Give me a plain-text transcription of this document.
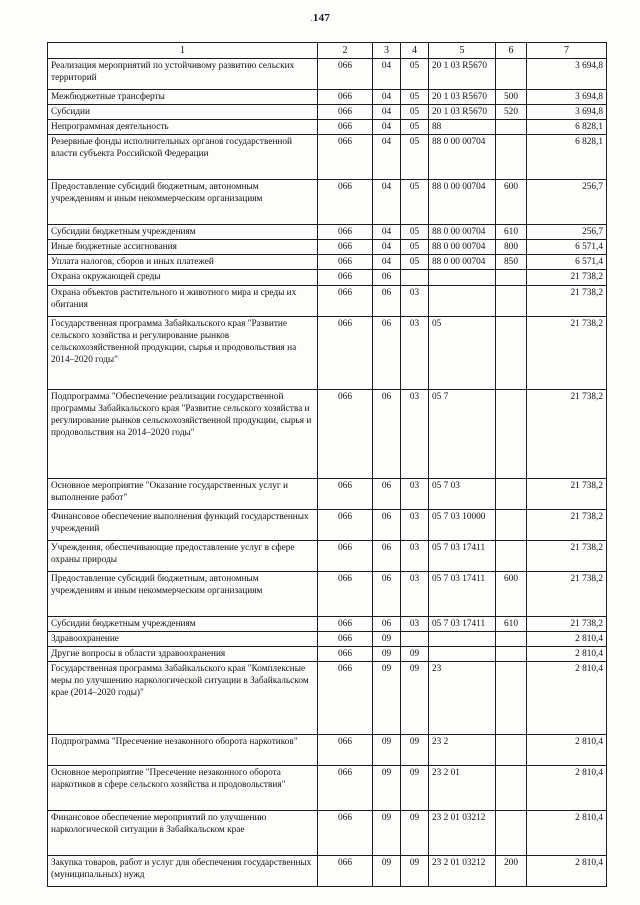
.147
1	2	3	4	5	6	7
Реализация мероприятий по устойчивому развитию сельских территорий	066	04	05	20 1 03 R5670		3 694,8
Межбюджетные трансферты	066	04	05	20 1 03 R5670	500	3 694,8
Субсидии	066	04	05	20 1 03 R5670	520	3 694,8
Непрограммная деятельность	066	04	05	88		6 828,1
Резервные фонды исполнительных органов государственной власти субъекта Российской Федерации	066	04	05	88 0 00 00704		6 828,1
Предоставление субсидий бюджетным, автономным учреждениям и иным некоммерческим организациям	066	04	05	88 0 00 00704	600	256,7
Субсидии бюджетным учреждениям	066	04	05	88 0 00 00704	610	256,7
Иные бюджетные ассигнования	066	04	05	88 0 00 00704	800	6 571,4
Уплата налогов, сборов и иных платежей	066	04	05	88 0 00 00704	850	6 571,4
Охрана окружающей среды	066	06				21 738,2
Охрана объектов растительного и животного мира и среды их обитания	066	06	03			21 738,2
Государственная программа Забайкальского края "Развитие сельского хозяйства и регулирование рынков сельскохозяйственной продукции, сырья и продовольствия на 2014–2020 годы"	066	06	03	05		21 738,2
Подпрограмма "Обеспечение реализации государственной программы Забайкальского края "Развитие сельского хозяйства и регулирование рынков сельскохозяйственной продукции, сырья и продовольствия на 2014–2020 годы"	066	06	03	05 7		21 738,2
Основное мероприятие "Оказание государственных услуг и выполнение работ"	066	06	03	05 7 03		21 738,2
Финансовое обеспечение выполнения функций государственных учреждений	066	06	03	05 7 03 10000		21 738,2
Учреждения, обеспечивающие предоставление услуг в сфере охраны природы	066	06	03	05 7 03 17411		21 738,2
Предоставление субсидий бюджетным, автономным учреждениям и иным некоммерческим организациям	066	06	03	05 7 03 17411	600	21 738,2
Субсидии бюджетным учреждениям	066	06	03	05 7 03 17411	610	21 738,2
Здравоохранение	066	09				2 810,4
Другие вопросы в области здравоохранения	066	09	09			2 810,4
Государственная программа Забайкальского края "Комплексные меры по улучшению наркологической ситуации в Забайкальском крае (2014–2020 годы)"	066	09	09	23		2 810,4
Подпрограмма "Пресечение незаконного оборота наркотиков"	066	09	09	23 2		2 810,4
Основное мероприятие "Пресечение незаконного оборота наркотиков в сфере сельского хозяйства и продовольствия"	066	09	09	23 2 01		2 810,4
Финансовое обеспечение мероприятий по улучшению наркологической ситуации в Забайкальском крае	066	09	09	23 2 01 03212		2 810,4
Закупка товаров, работ и услуг для обеспечения государственных (муниципальных) нужд	066	09	09	23 2 01 03212	200	2 810,4
